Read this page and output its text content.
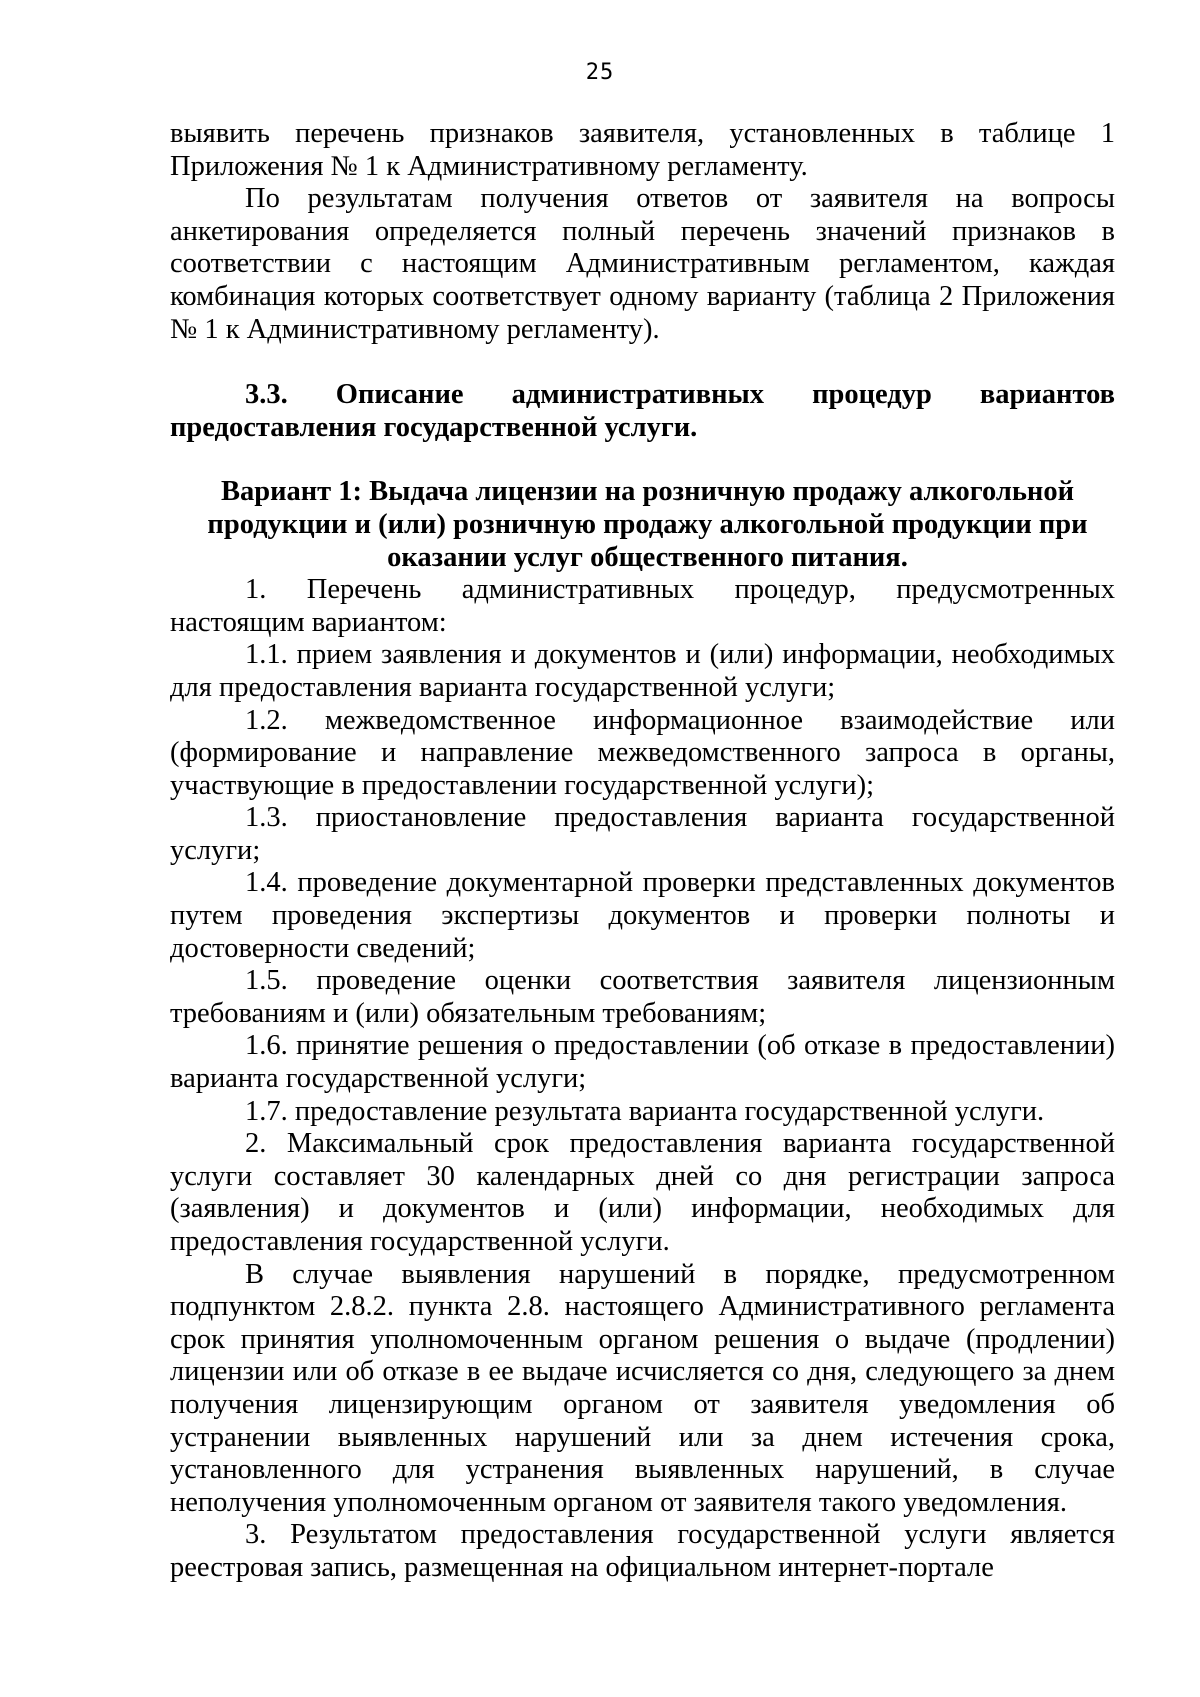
25

выявить перечень признаков заявителя, установленных в таблице 1 Приложения № 1 к Административному регламенту.

По результатам получения ответов от заявителя на вопросы анкетирования определяется полный перечень значений признаков в соответствии с настоящим Административным регламентом, каждая комбинация которых соответствует одному варианту (таблица 2 Приложения № 1 к Административному регламенту).

3.3. Описание административных процедур вариантов предоставления государственной услуги.

Вариант 1: Выдача лицензии на розничную продажу алкогольной продукции и (или) розничную продажу алкогольной продукции при оказании услуг общественного питания.

1. Перечень административных процедур, предусмотренных настоящим вариантом:

1.1. прием заявления и документов и (или) информации, необходимых для предоставления варианта государственной услуги;

1.2. межведомственное информационное взаимодействие или (формирование и направление межведомственного запроса в органы, участвующие в предоставлении государственной услуги);

1.3. приостановление предоставления варианта государственной услуги;

1.4. проведение документарной проверки представленных документов путем проведения экспертизы документов и проверки полноты и достоверности сведений;

1.5. проведение оценки соответствия заявителя лицензионным требованиям и (или) обязательным требованиям;

1.6. принятие решения о предоставлении (об отказе в предоставлении) варианта государственной услуги;

1.7. предоставление результата варианта государственной услуги.

2. Максимальный срок предоставления варианта государственной услуги составляет 30 календарных дней со дня регистрации запроса (заявления) и документов и (или) информации, необходимых для предоставления государственной услуги.

В случае выявления нарушений в порядке, предусмотренном подпунктом 2.8.2. пункта 2.8. настоящего Административного регламента срок принятия уполномоченным органом решения о выдаче (продлении) лицензии или об отказе в ее выдаче исчисляется со дня, следующего за днем получения лицензирующим органом от заявителя уведомления об устранении выявленных нарушений или за днем истечения срока, установленного для устранения выявленных нарушений, в случае неполучения уполномоченным органом от заявителя такого уведомления.

3. Результатом предоставления государственной услуги является реестровая запись, размещенная на официальном интернет-портале
